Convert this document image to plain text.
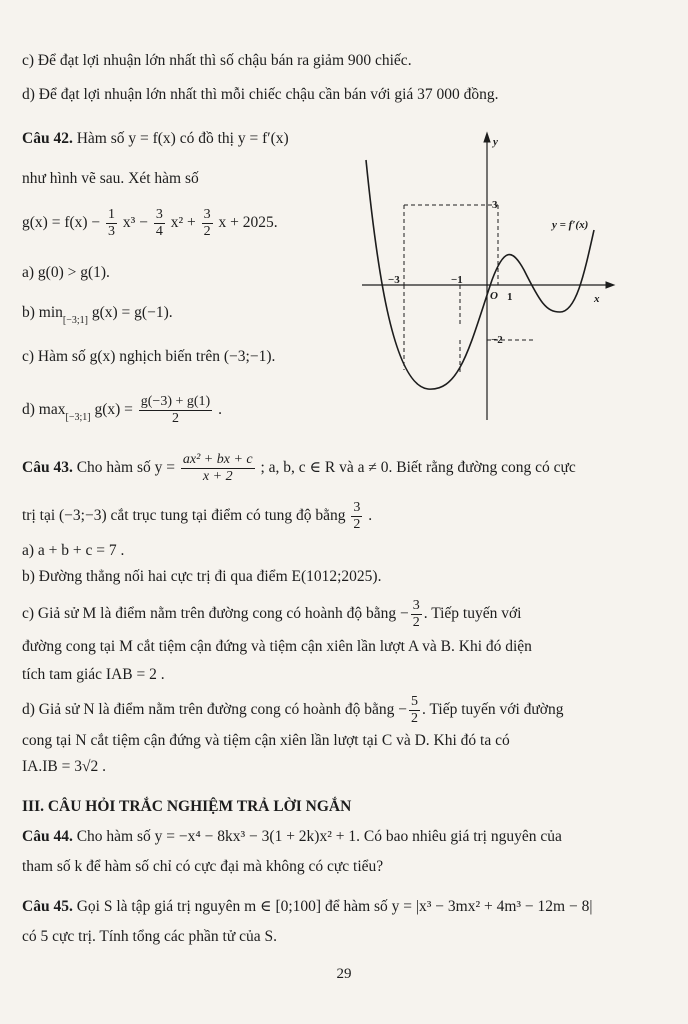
c) Để đạt lợi nhuận lớn nhất thì số chậu bán ra giảm 900 chiếc.
d) Để đạt lợi nhuận lớn nhất thì mỗi chiếc chậu cần bán với giá 37 000 đồng.
Câu 42. Hàm số y = f(x) có đồ thị y = f′(x)
như hình vẽ sau. Xét hàm số
$g(x) = f(x) - \frac{1}{3} x^3 - \frac{3}{4} x^2 + \frac{3}{2}$ x + 2025.
a) g(0) > g(1).
b) $\min_{[-3;1]} g(x) = g(-1)$.
c) Hàm số g(x) nghịch biến trên (−3;−1).
d) $\max_{[-3;1]} g(x) = \frac{g(-3) + g(1)}{2}$ .
y
x
O
3
−3	−1
1
−2
y = f′(x)
Câu 43. Cho hàm số $y = \frac{\text{ax² + bx + c}}{x + 2}$ ; a, b, c ∈ R và a ≠ 0. Biết rằng đường cong có cực
trị tại (−3;−3) cắt trục tung tại điểm có tung độ bằng $\frac{3}{2}$ .
a) a + b + c = 7 .
b) Đường thẳng nối hai cực trị đi qua điểm E(1012;2025).
c) Giả sử M là điểm nằm trên đường cong có hoành độ bằng − $\frac{3}{2}$ . Tiếp tuyến với
đường cong tại M cắt tiệm cận đứng và tiệm cận xiên lần lượt A và B. Khi đó diện
tích tam giác IAB = 2 .
d) Giả sử N là điểm nằm trên đường cong có hoành độ bằng − $\frac{5}{2}$ . Tiếp tuyến với đường
cong tại N cắt tiệm cận đứng và tiệm cận xiên lần lượt tại C và D. Khi đó ta có
IA.IB = 3√2 .
III. CÂU HỎI TRẮC NGHIỆM TRẢ LỜI NGẮN
Câu 44. Cho hàm số y = −x⁴ − 8kx³ − 3(1 + 2k)x² + 1. Có bao nhiêu giá trị nguyên của
tham số k để hàm số chỉ có cực đại mà không có cực tiểu?
Câu 45. Gọi S là tập giá trị nguyên m ∈ [0;100] để hàm số y = |x³ − 3mx² + 4m³ − 12m − 8|
có 5 cực trị. Tính tổng các phần tử của S.
29
